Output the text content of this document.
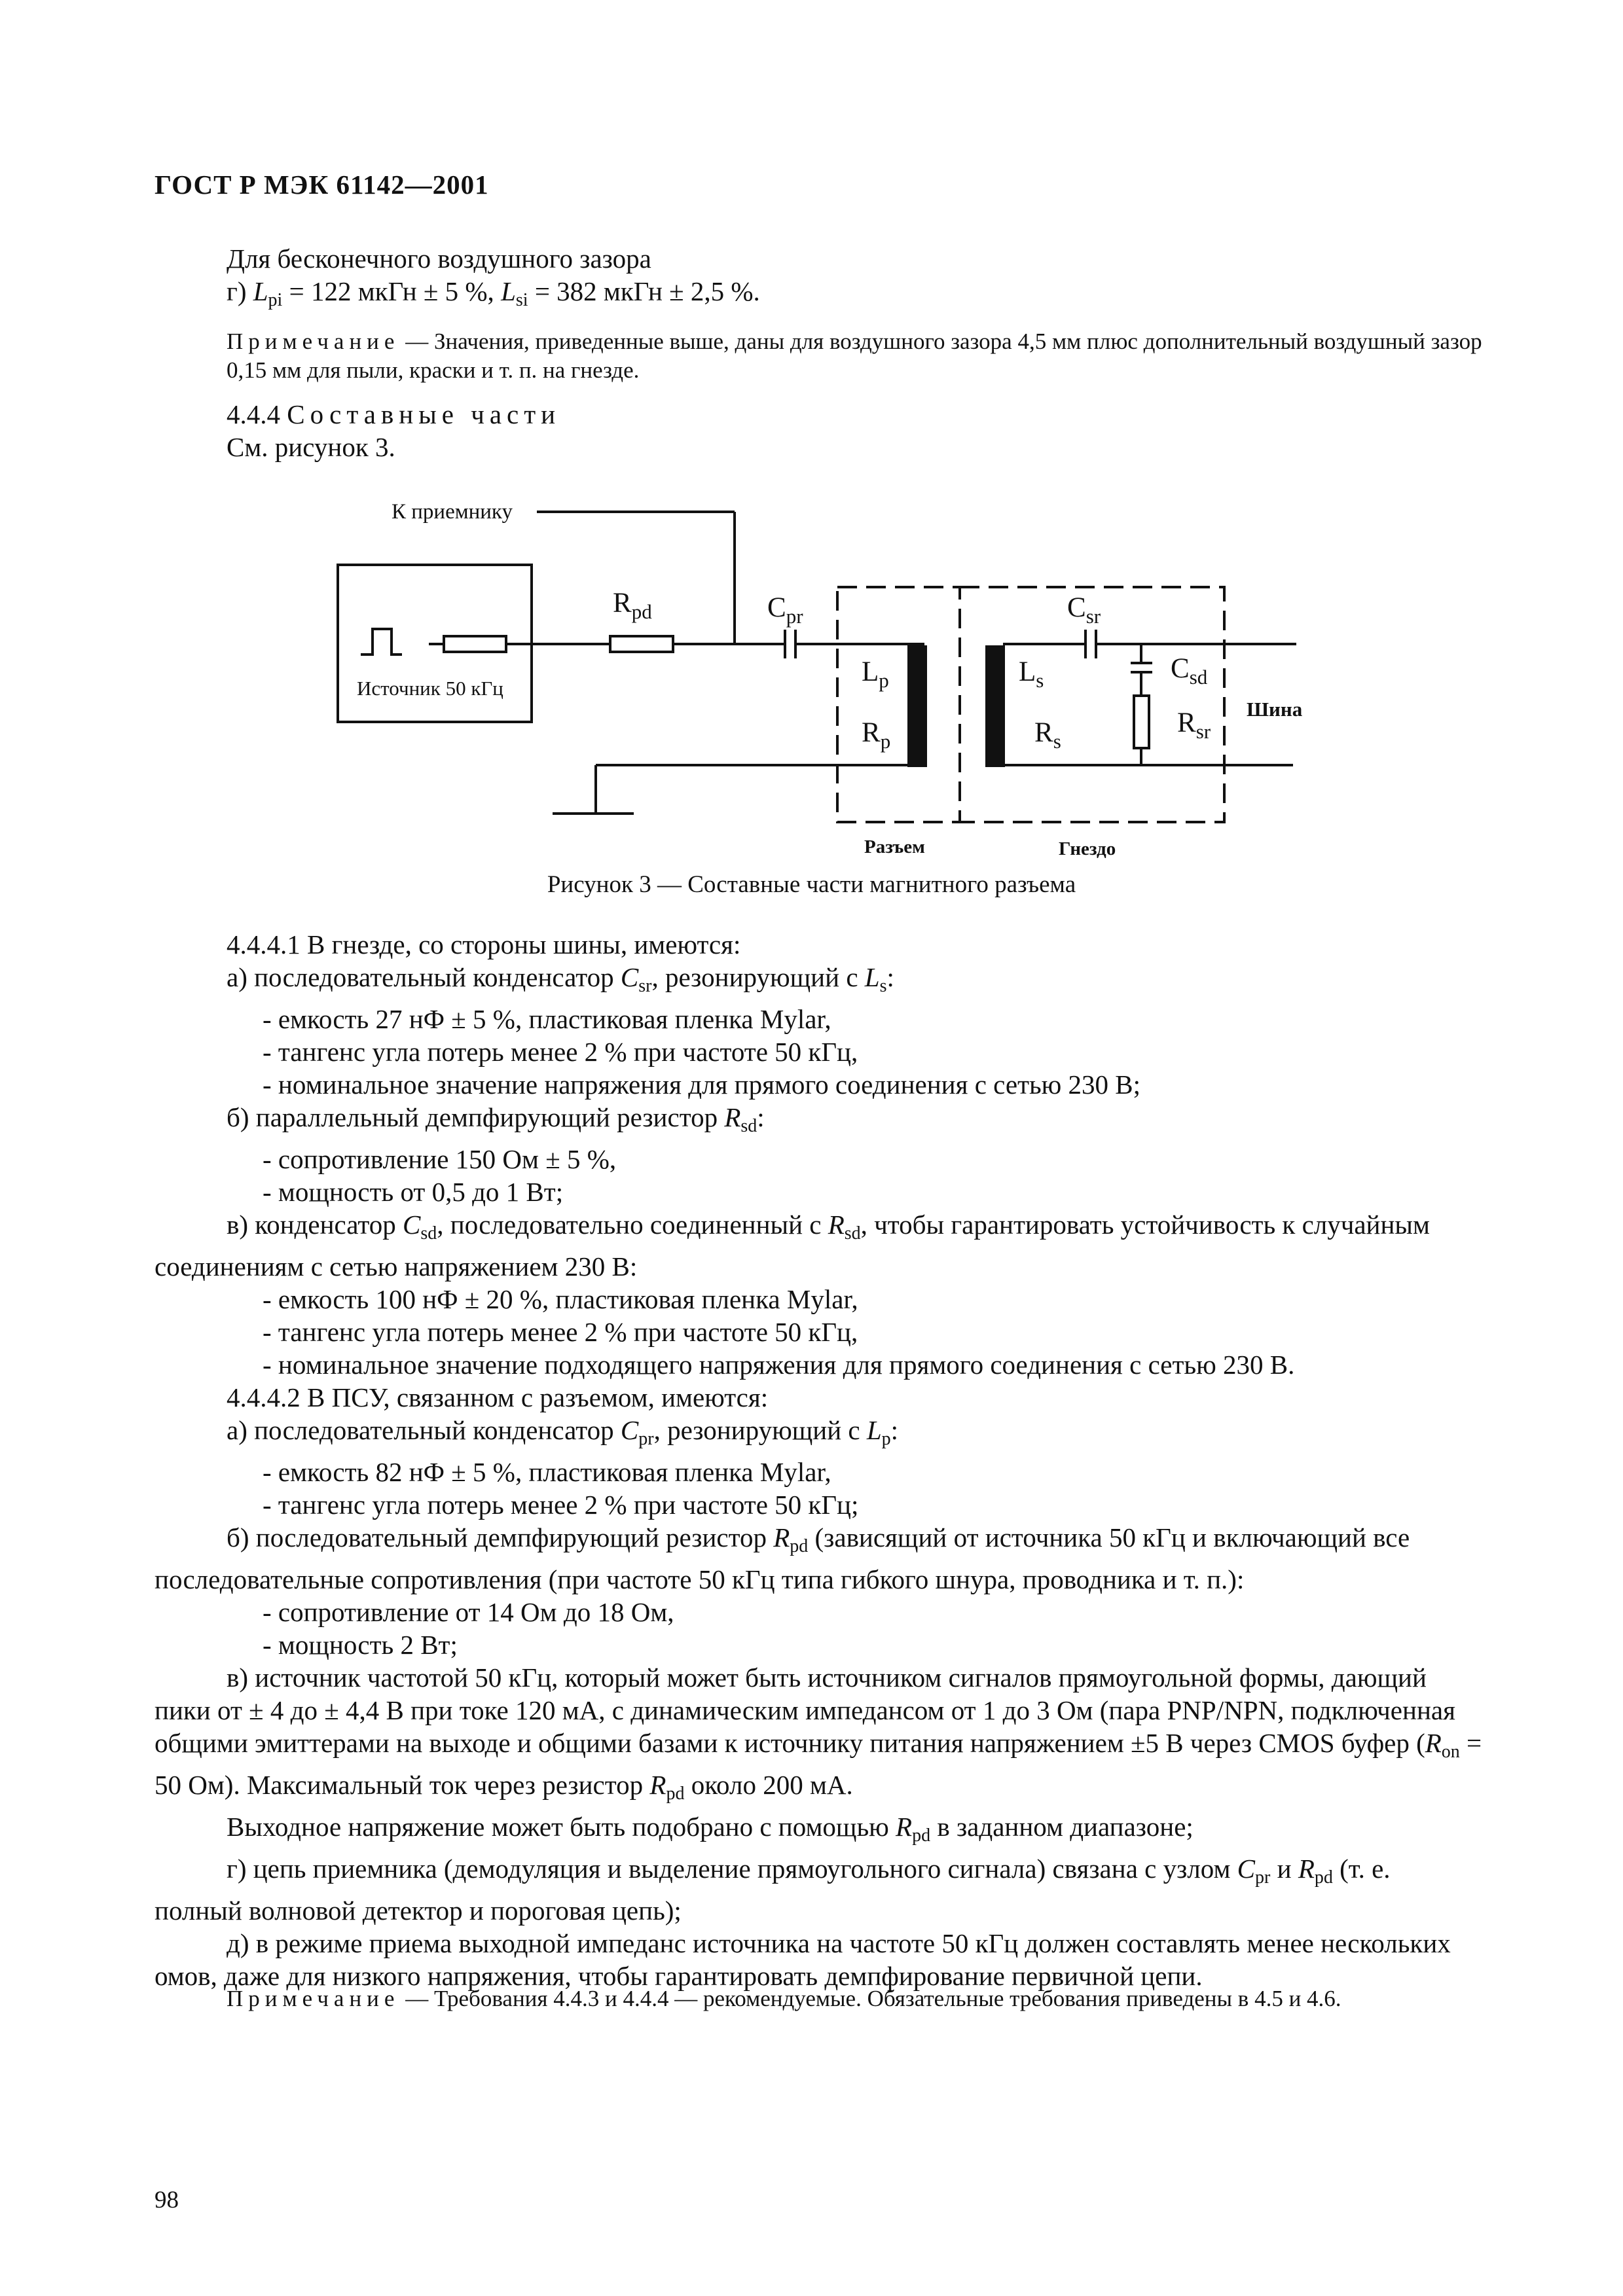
ГОСТ Р МЭК 61142—2001
Для бесконечного воздушного зазора
г) $L_{pi} = 122$ мкГн ± 5 %, $L_{si} = 382$ мкГн ± 2,5 %.
Примечание — Значения, приведенные выше, даны для воздушного зазора 4,5 мм плюс дополнительный воздушный зазор 0,15 мм для пыли, краски и т. п. на гнезде.
4.4.4 Составные части
См. рисунок 3.
К приемнику
Источник 50 кГц
$R_{pd}$	$C_{pr}$	$C_{sr}$
$L_p$
$R_p$
$L_s$
$R_s$
$C_{sd}$
$R_{sr}$
Шина
Разъем	Гнездо
Рисунок 3 — Составные части магнитного разъема
4.4.4.1 В гнезде, со стороны шины, имеются:
а) последовательный конденсатор $C_{sr}$, резонирующий с $L_s$:
- емкость 27 нФ ± 5 %, пластиковая пленка Mylar,
- тангенс угла потерь менее 2 % при частоте 50 кГц,
- номинальное значение напряжения для прямого соединения с сетью 230 В;
б) параллельный демпфирующий резистор $R_{sd}$:
- сопротивление 150 Ом ± 5 %,
- мощность от 0,5 до 1 Вт;
в) конденсатор $C_{sd}$, последовательно соединенный с $R_{sd}$, чтобы гарантировать устойчивость к случайным соединениям с сетью напряжением 230 В:
- емкость 100 нФ ± 20 %, пластиковая пленка Mylar,
- тангенс угла потерь менее 2 % при частоте 50 кГц,
- номинальное значение подходящего напряжения для прямого соединения с сетью 230 В.
4.4.4.2 В ПСУ, связанном с разъемом, имеются:
а) последовательный конденсатор $C_{pr}$, резонирующий с $L_p$:
- емкость 82 нФ ± 5 %, пластиковая пленка Mylar,
- тангенс угла потерь менее 2 % при частоте 50 кГц;
б) последовательный демпфирующий резистор $R_{pd}$ (зависящий от источника 50 кГц и включающий все последовательные сопротивления (при частоте 50 кГц типа гибкого шнура, проводника и т. п.):
- сопротивление от 14 Ом до 18 Ом,
- мощность 2 Вт;
в) источник частотой 50 кГц, который может быть источником сигналов прямоугольной формы, дающий пики от ± 4 до ± 4,4 В при токе 120 мА, с динамическим импедансом от 1 до 3 Ом (пара PNP/NPN, подключенная общими эмиттерами на выходе и общими базами к источнику питания напряжением ±5 В через CMOS буфер ($R_{on} = 50$ Ом). Максимальный ток через резистор $R_{pd}$ около 200 мА.
Выходное напряжение может быть подобрано с помощью $R_{pd}$ в заданном диапазоне;
г) цепь приемника (демодуляция и выделение прямоугольного сигнала) связана с узлом $C_{pr}$ и $R_{pd}$ (т. е. полный волновой детектор и пороговая цепь);
д) в режиме приема выходной импеданс источника на частоте 50 кГц должен составлять менее нескольких омов, даже для низкого напряжения, чтобы гарантировать демпфирование первичной цепи.
Примечание — Требования 4.4.3 и 4.4.4 — рекомендуемые. Обязательные требования приведены в 4.5 и 4.6.
98
